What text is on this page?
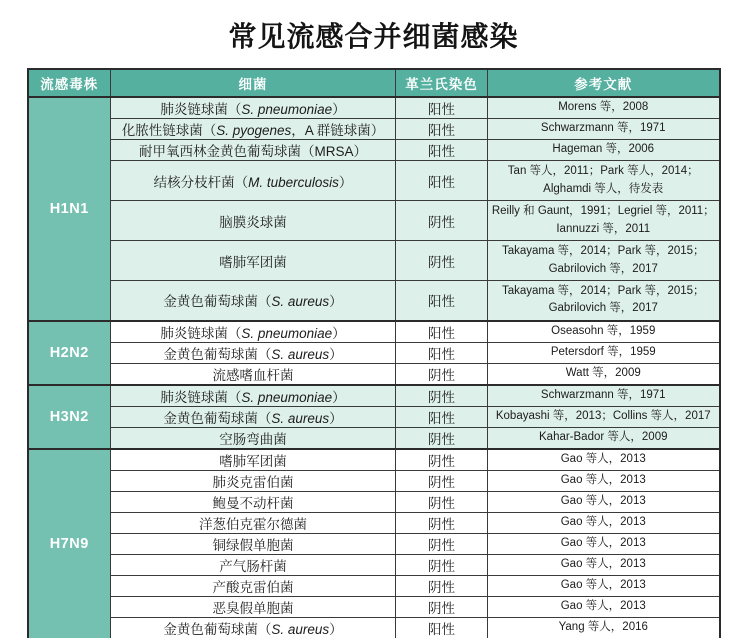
常见流感合并细菌感染
流感毒株	细菌	革兰氏染色	参考文献
H1N1	肺炎链球菌（S. pneumoniae）	阳性	Morens 等，2008
	化脓性链球菌（S. pyogenes，A 群链球菌）	阳性	Schwarzmann 等，1971
	耐甲氧西林金黄色葡萄球菌（MRSA）	阳性	Hageman 等，2006
	结核分枝杆菌（M. tuberculosis）	阳性	Tan 等人，2011；Park 等人，2014；Alghamdi 等人，待发表
	脑膜炎球菌	阴性	Reilly 和 Gaunt，1991；Legriel 等，2011；Iannuzzi 等，2011
	嗜肺军团菌	阴性	Takayama 等，2014；Park 等，2015；Gabrilovich 等，2017
	金黄色葡萄球菌（S. aureus）	阳性	Takayama 等，2014；Park 等，2015；Gabrilovich 等，2017
H2N2	肺炎链球菌（S. pneumoniae）	阳性	Oseasohn 等，1959
	金黄色葡萄球菌（S. aureus）	阳性	Petersdorf 等，1959
	流感嗜血杆菌	阴性	Watt 等，2009
H3N2	肺炎链球菌（S. pneumoniae）	阴性	Schwarzmann 等，1971
	金黄色葡萄球菌（S. aureus）	阳性	Kobayashi 等，2013；Collins 等人，2017
	空肠弯曲菌	阴性	Kahar-Bador 等人，2009
H7N9	嗜肺军团菌	阴性	Gao 等人，2013
	肺炎克雷伯菌	阴性	Gao 等人，2013
	鲍曼不动杆菌	阴性	Gao 等人，2013
	洋葱伯克霍尔德菌	阴性	Gao 等人，2013
	铜绿假单胞菌	阴性	Gao 等人，2013
	产气肠杆菌	阴性	Gao 等人，2013
	产酸克雷伯菌	阴性	Gao 等人，2013
	恶臭假单胞菌	阴性	Gao 等人，2013
	金黄色葡萄球菌（S. aureus）	阳性	Yang 等人，2016
